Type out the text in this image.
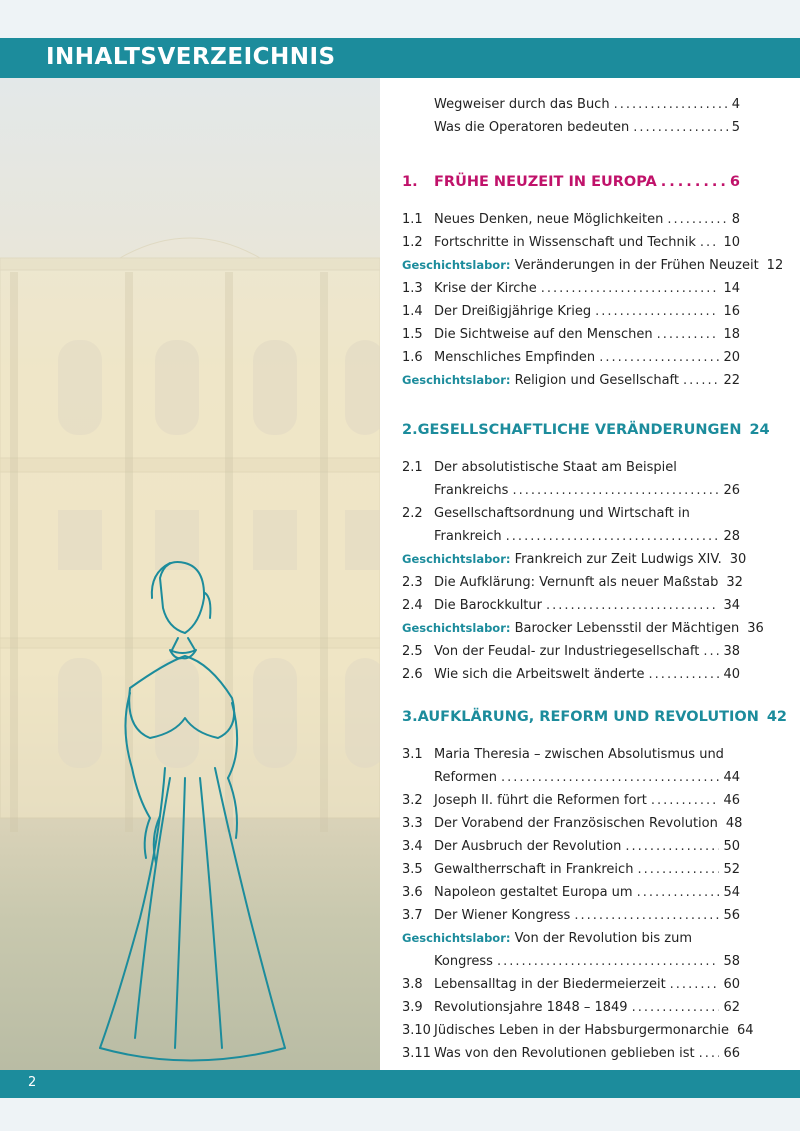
INHALTSVERZEICHNIS
Wegweiser durch das Buch .....	4
Was die Operatoren bedeuten .....	5
1.	FRÜHE NEUZEIT IN EUROPA .....	6
1.1 Neues Denken, neue Möglichkeiten .....	8
1.2 Fortschritte in Wissenschaft und Technik ..... 10
Geschichtslabor: Veränderungen in der Frühen Neuzeit 12
1.3 Krise der Kirche .....	14
1.4 Der Dreißigjährige Krieg .....	16
1.5 Die Sichtweise auf den Menschen .....	18
1.6 Menschliches Empfinden .....	20
Geschichtslabor: Religion und Gesellschaft .....	22
2. GESELLSCHAFTLICHE VERÄNDERUNGEN 24
2.1 Der absolutistische Staat am Beispiel
Frankreichs .....	26
2.2 Gesellschaftsordnung und Wirtschaft in
Frankreich .....	28
Geschichtslabor: Frankreich zur Zeit Ludwigs XIV. 30
2.3 Die Aufklärung: Vernunft als neuer Maßstab 32
2.4 Die Barockkultur .....	34
Geschichtslabor: Barocker Lebensstil der Mächtigen 36
2.5 Von der Feudal- zur Industriegesellschaft ..... 38
2.6 Wie sich die Arbeitswelt änderte .....	40
3. AUFKLÄRUNG, REFORM UND REVOLUTION 42
3.1 Maria Theresia – zwischen Absolutismus und
Reformen .....	44
3.2 Joseph II. führt die Reformen fort .....	46
3.3 Der Vorabend der Französischen Revolution 48
3.4 Der Ausbruch der Revolution .....	50
3.5 Gewaltherrschaft in Frankreich .....	52
3.6 Napoleon gestaltet Europa um .....	54
3.7 Der Wiener Kongress .....	56
Geschichtslabor: Von der Revolution bis zum
Kongress .....	58
3.8 Lebensalltag in der Biedermeierzeit .....	60
3.9 Revolutionsjahre 1848 – 1849 .....	62
3.10 Jüdisches Leben in der Habsburgermonarchie 64
3.11 Was von den Revolutionen geblieben ist ..... 66
2
